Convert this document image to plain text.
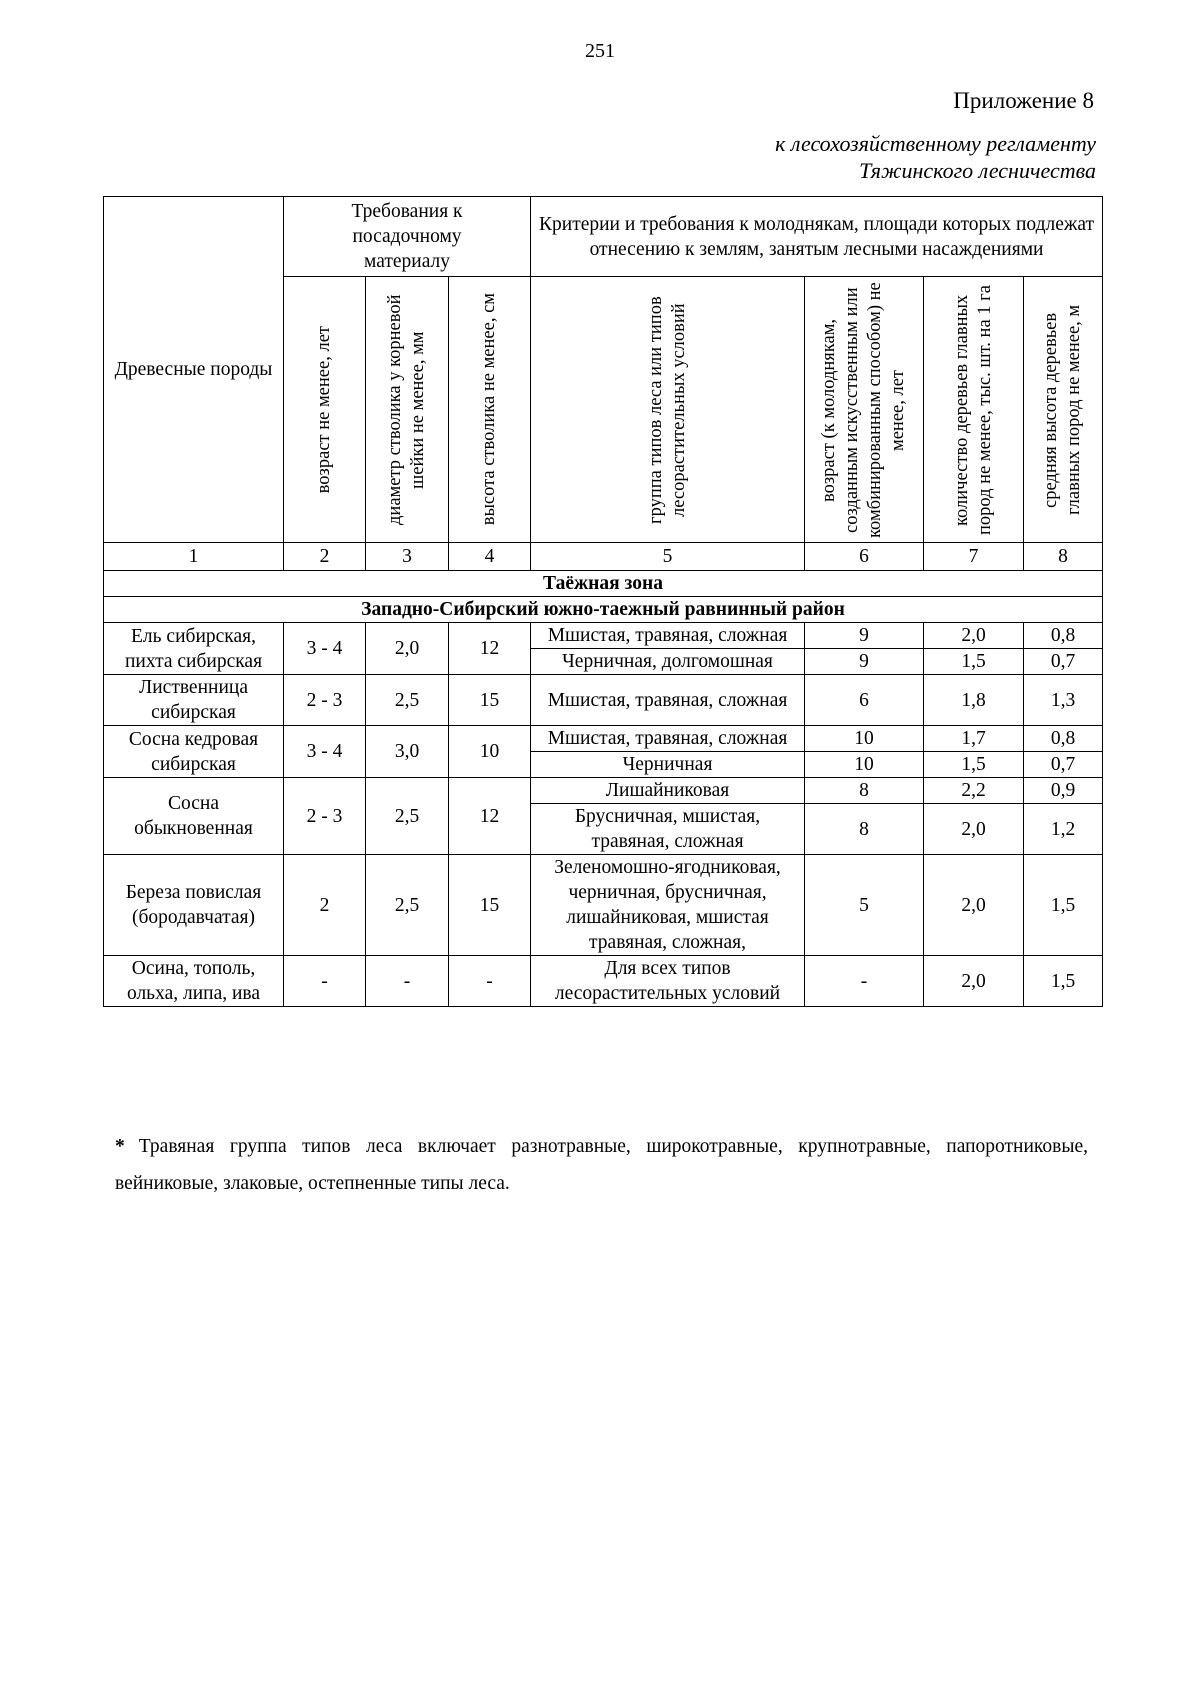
251
Приложение 8
к лесохозяйственному регламенту
Тяжинского лесничества
Древесные породы	Требования к посадочному материалу			Критерии и требования к молоднякам, площади которых подлежат отнесению к землям, занятым лесными насаждениями			

	возраст не менее, лет	диаметр стволика у корневой шейки не менее, мм	высота стволика не менее, см	группа типов леса или типов лесорастительных условий	возраст (к молоднякам, созданным искусственным или комбинированным способом) не менее, лет	количество деревьев главных пород не менее, тыс. шт. на 1 га	средняя высота деревьев главных пород не менее, м

1	2	3	4	5	6	7	8
Таёжная зона							
Западно-Сибирский южно-таежный равнинный район							
Ель сибирская, пихта сибирская	3 - 4	2,0	12	Мшистая, травяная, сложная	9	2,0	0,8
				Черничная, долгомошная	9	1,5	0,7
Лиственница сибирская	2 - 3	2,5	15	Мшистая, травяная, сложная	6	1,8	1,3
Сосна кедровая сибирская	3 - 4	3,0	10	Мшистая, травяная, сложная	10	1,7	0,8
				Черничная	10	1,5	0,7
Сосна обыкновенная	2 - 3	2,5	12	Лишайниковая	8	2,2	0,9
				Брусничная, мшистая, травяная, сложная	8	2,0	1,2
Береза повислая (бородавчатая)	2	2,5	15	Зеленомошно-ягодниковая, черничная, брусничная, лишайниковая, мшистая травяная, сложная,	5	2,0	1,5
Осина, тополь, ольха, липа, ива	-	-	-	Для всех типов лесорастительных условий	-	2,0	1,5
* Травяная группа типов леса включает разнотравные, широкотравные, крупнотравные, папоротниковые, вейниковые, злаковые, остепненные типы леса.
